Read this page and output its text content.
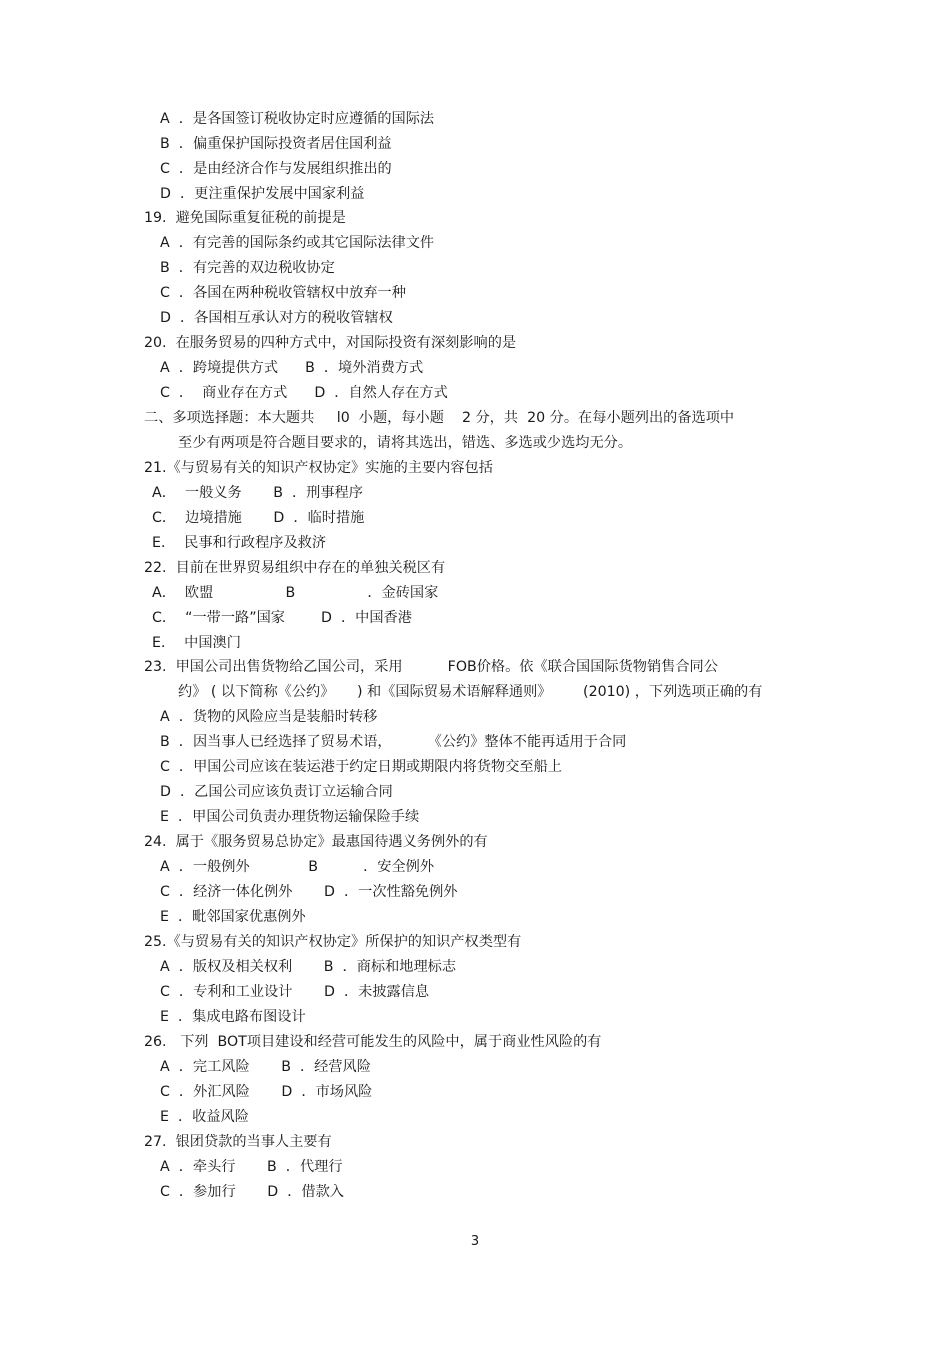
A  ．是各国签订税收协定时应遵循的国际法
B  ．偏重保护国际投资者居住国利益
C  ．是由经济合作与发展组织推出的
D  ．更注重保护发展中国家利益
19.  避免国际重复征税的前提是
A  ．有完善的国际条约或其它国际法律文件
B  ．有完善的双边税收协定
C  ．各国在两种税收管辖权中放弃一种
D  ．各国相互承认对方的税收管辖权
20.  在服务贸易的四种方式中，对国际投资有深刻影响的是
A  ．跨境提供方式      B  ．境外消费方式
C  ．  商业存在方式      D  ．自然人存在方式
二、多项选择题：本大题共     l0  小题，每小题    2 分，共  20 分。在每小题列出的备选项中
至少有两项是符合题目要求的，请将其选出，错选、多选或少选均无分。
21.《与贸易有关的知识产权协定》实施的主要内容包括
A．  一般义务       B  ．刑事程序
C．  边境措施       D  ．临时措施
E．  民事和行政程序及救济
22.  目前在世界贸易组织中存在的单独关税区有
A．  欧盟                B                ．金砖国家
C．  “一带一路”国家        D  ．中国香港
E．  中国澳门
23.  甲国公司出售货物给乙国公司，采用          FOB价格。依《联合国国际货物销售合同公
约》 ( 以下简称《公约》     ) 和《国际贸易术语解释通则》       (2010) ，下列选项正确的有
A  ．货物的风险应当是装船时转移
B  ．因当事人已经选择了贸易术语，        《公约》整体不能再适用于合同
C  ．甲国公司应该在装运港于约定日期或期限内将货物交至船上
D  ．乙国公司应该负责订立运输合同
E  ．甲国公司负责办理货物运输保险手续
24.  属于《服务贸易总协定》最惠国待遇义务例外的有
A  ．一般例外             B          ．安全例外
C  ．经济一体化例外       D  ．一次性豁免例外
E  ．毗邻国家优惠例外
25.《与贸易有关的知识产权协定》所保护的知识产权类型有
A  ．版权及相关权利       B  ．商标和地理标志
C  ．专利和工业设计       D  ．未披露信息
E  ．集成电路布图设计
26.   下列  BOT项目建设和经营可能发生的风险中，属于商业性风险的有
A  ．完工风险       B  ．经营风险
C  ．外汇风险       D  ．市场风险
E  ．收益风险
27.  银团贷款的当事人主要有
A  ．牵头行       B  ．代理行
C  ．参加行       D  ．借款入
3
